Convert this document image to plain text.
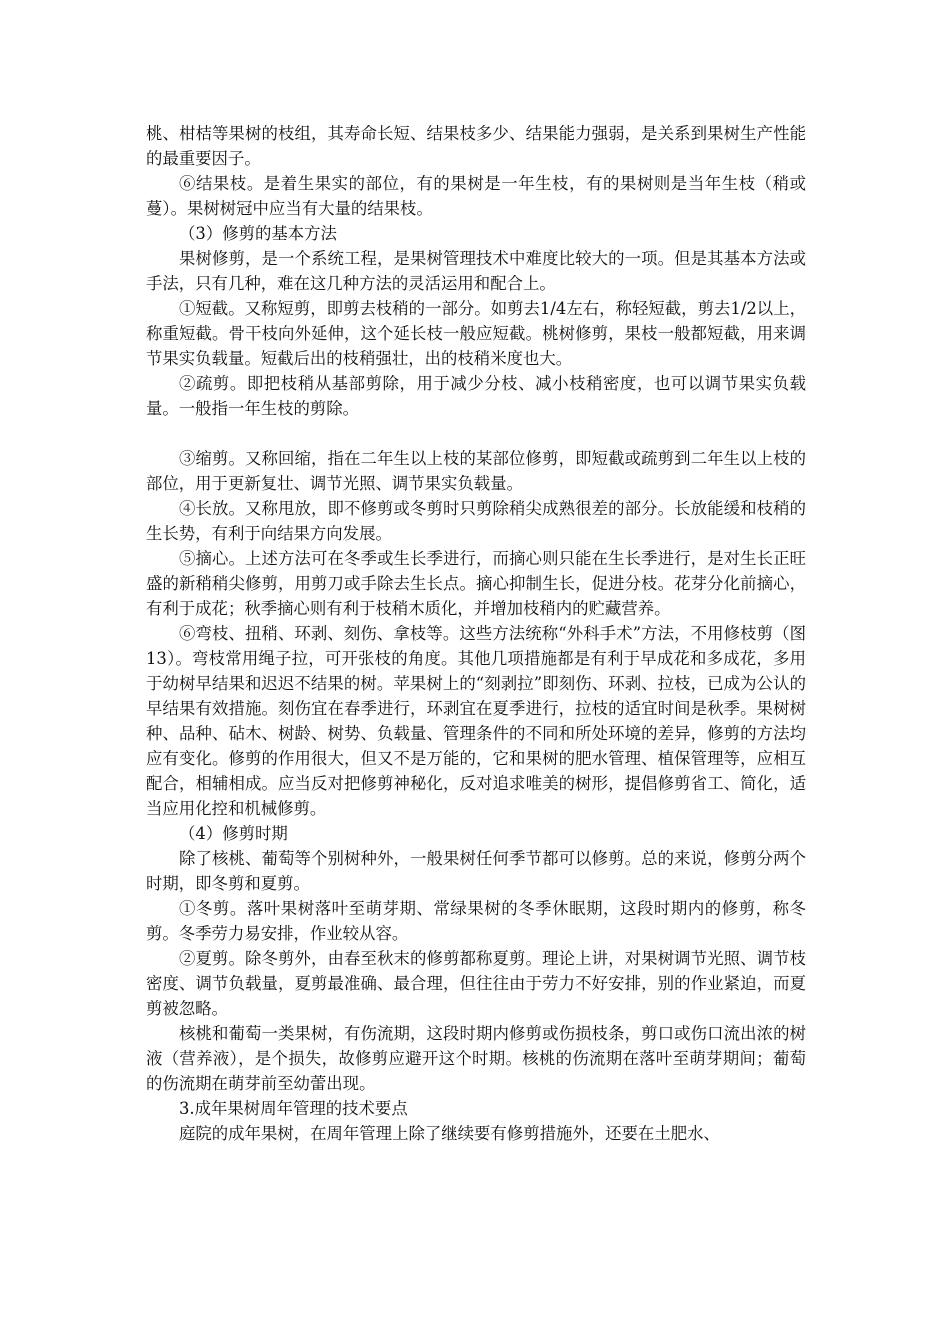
桃、柑桔等果树的枝组，其寿命长短、结果枝多少、结果能力强弱，是关系到果树生产性能的最重要因子。

⑥结果枝。是着生果实的部位，有的果树是一年生枝，有的果树则是当年生枝（稍或蔓）。果树树冠中应当有大量的结果枝。

（3）修剪的基本方法

果树修剪，是一个系统工程，是果树管理技术中难度比较大的一项。但是其基本方法或手法，只有几种，难在这几种方法的灵活运用和配合上。

①短截。又称短剪，即剪去枝稍的一部分。如剪去1/4左右，称轻短截，剪去1/2以上，称重短截。骨干枝向外延伸，这个延长枝一般应短截。桃树修剪，果枝一般都短截，用来调节果实负载量。短截后出的枝稍强壮，出的枝稍米度也大。

②疏剪。即把枝稍从基部剪除，用于减少分枝、减小枝稍密度，也可以调节果实负载量。一般指一年生枝的剪除。

③缩剪。又称回缩，指在二年生以上枝的某部位修剪，即短截或疏剪到二年生以上枝的部位，用于更新复壮、调节光照、调节果实负载量。

④长放。又称甩放，即不修剪或冬剪时只剪除稍尖成熟很差的部分。长放能缓和枝稍的生长势，有利于向结果方向发展。

⑤摘心。上述方法可在冬季或生长季进行，而摘心则只能在生长季进行，是对生长正旺盛的新稍稍尖修剪，用剪刀或手除去生长点。摘心抑制生长，促进分枝。花芽分化前摘心，有利于成花；秋季摘心则有利于枝稍木质化，并增加枝稍内的贮藏营养。

⑥弯枝、扭稍、环剥、刻伤、拿枝等。这些方法统称“外科手术”方法，不用修枝剪（图13）。弯枝常用绳子拉，可开张枝的角度。其他几项措施都是有利于早成花和多成花，多用于幼树早结果和迟迟不结果的树。苹果树上的“刻剥拉”即刻伤、环剥、拉枝，已成为公认的早结果有效措施。刻伤宜在春季进行，环剥宜在夏季进行，拉枝的适宜时间是秋季。果树树种、品种、砧木、树龄、树势、负载量、管理条件的不同和所处环境的差异，修剪的方法均应有变化。修剪的作用很大，但又不是万能的，它和果树的肥水管理、植保管理等，应相互配合，相辅相成。应当反对把修剪神秘化，反对追求唯美的树形，提倡修剪省工、简化，适当应用化控和机械修剪。

（4）修剪时期

除了核桃、葡萄等个别树种外，一般果树任何季节都可以修剪。总的来说，修剪分两个时期，即冬剪和夏剪。

①冬剪。落叶果树落叶至萌芽期、常绿果树的冬季休眠期，这段时期内的修剪，称冬剪。冬季劳力易安排，作业较从容。

②夏剪。除冬剪外，由春至秋末的修剪都称夏剪。理论上讲，对果树调节光照、调节枝密度、调节负载量，夏剪最准确、最合理，但往往由于劳力不好安排，别的作业紧迫，而夏剪被忽略。

核桃和葡萄一类果树，有伤流期，这段时期内修剪或伤损枝条，剪口或伤口流出浓的树液（营养液），是个损失，故修剪应避开这个时期。核桃的伤流期在落叶至萌芽期间；葡萄的伤流期在萌芽前至幼蕾出现。

3.成年果树周年管理的技术要点

庭院的成年果树，在周年管理上除了继续要有修剪措施外，还要在土肥水、
